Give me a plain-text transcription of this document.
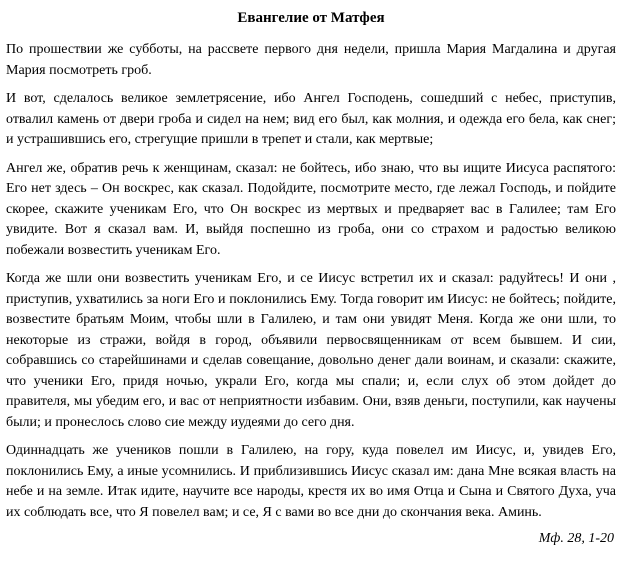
Евангелие от Матфея

По прошествии же субботы, на рассвете первого дня недели, пришла Мария Магдалина и другая Мария посмотреть гроб.

И вот, сделалось великое землетрясение, ибо Ангел Господень, сошедший с небес, приступив, отвалил камень от двери гроба и сидел на нем; вид его был, как молния, и одежда его бела, как снег; и устрашившись его, стрегущие пришли в трепет и стали, как мертвые;

Ангел же, обратив речь к женщинам, сказал: не бойтесь, ибо знаю, что вы ищите Иисуса распятого: Его нет здесь – Он воскрес, как сказал. Подойдите, посмотрите место, где лежал Господь, и пойдите скорее, скажите ученикам Его, что Он воскрес из мертвых и предваряет вас в Галилее; там Его увидите. Вот я сказал вам. И, выйдя поспешно из гроба, они со страхом и радостью великою побежали возвестить ученикам Его.

Когда же шли они возвестить ученикам Его, и се Иисус встретил их и сказал: радуйтесь! И они , приступив, ухватились за ноги Его и поклонились Ему. Тогда говорит им Иисус: не бойтесь; пойдите, возвестите братьям Моим, чтобы шли в Галилею, и там они увидят Меня. Когда же они шли, то некоторые из стражи, войдя в город, объявили первосвященникам от всем бывшем. И сии, собравшись со старейшинами и сделав совещание, довольно денег дали воинам, и сказали: скажите, что ученики Его, придя ночью, украли Его, когда мы спали; и, если слух об этом дойдет до правителя, мы убедим его, и вас от неприятности избавим. Они, взяв деньги, поступили, как научены были; и пронеслось слово сие между иудеями до сего дня.

Одиннадцать же учеников пошли в Галилею, на гору, куда повелел им Иисус, и, увидев Его, поклонились Ему, а иные усомнились. И приблизившись Иисус сказал им: дана Мне всякая власть на небе и на земле. Итак идите, научите все народы, крестя их во имя Отца и Сына и Святого Духа, уча их соблюдать все, что Я повелел вам; и се, Я с вами во все дни до скончания века. Аминь.

Мф. 28, 1-20
